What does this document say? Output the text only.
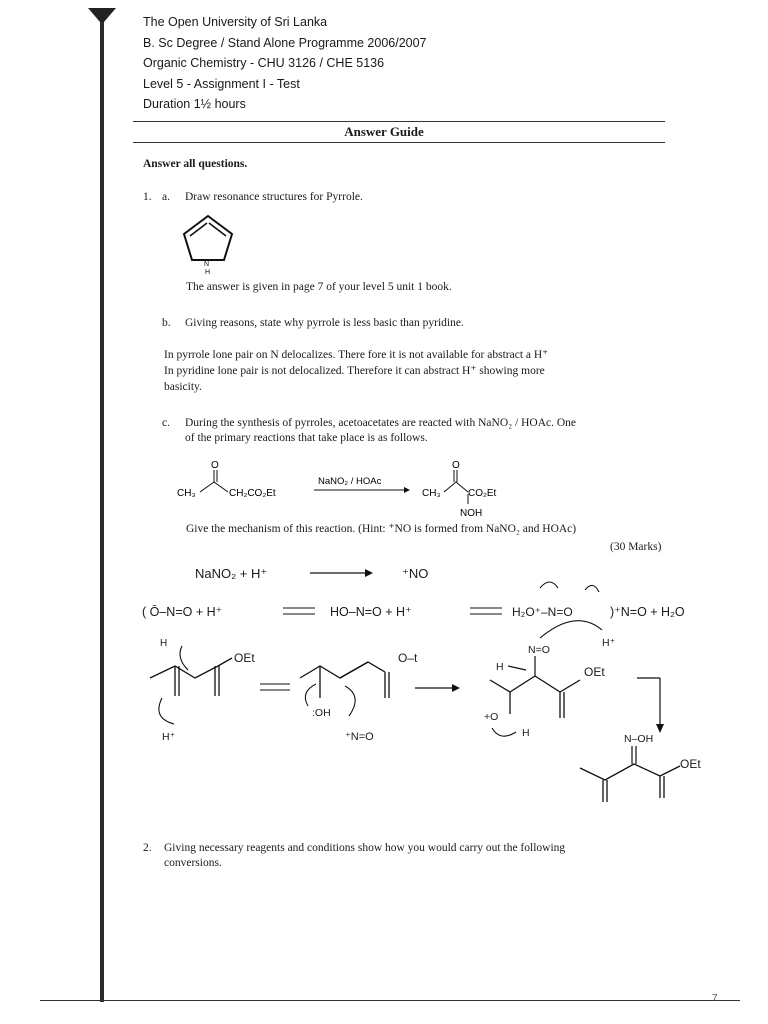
7
The Open University of Sri Lanka
B. Sc Degree / Stand Alone Programme 2006/2007
Organic Chemistry - CHU 3126 / CHE 5136
Level 5 - Assignment I - Test
Duration 1½ hours
Answer Guide
Answer all questions.
1. a. Draw resonance structures for Pyrrole.
N
H
The answer is given in page 7 of your level 5 unit 1 book.
b. Giving reasons, state why pyrrole is less basic than pyridine.
In pyrrole lone pair on N delocalizes. There fore it is not available for abstract a H⁺
In pyridine lone pair is not delocalized. Therefore it can abstract H⁺ showing more
basicity.
c. During the synthesis of pyrroles, acetoacetates are reacted with NaNO₂ / HOAc. One
of the primary reactions that take place is as follows.
CH₃
O
CH₂CO₂Et
NaNO₂ / HOAc
CH₃
O
CO₂Et
NOH
Give the mechanism of this reaction. (Hint: ⁺NO is formed from NaNO₂ and HOAc)
(30 Marks)
NaNO₂ + H⁺	⁺NO
( Ō–N=O + H⁺	HO–N=O + H⁺	H₂O⁺–N=O	)⁺N=O + H₂O
H
OEt
H⁺
O–t
:OH
⁺N=O
N=O
H⁺
H	OEt
+O
H	N–OH
OEt
2. Giving necessary reagents and conditions show how you would carry out the following
conversions.
